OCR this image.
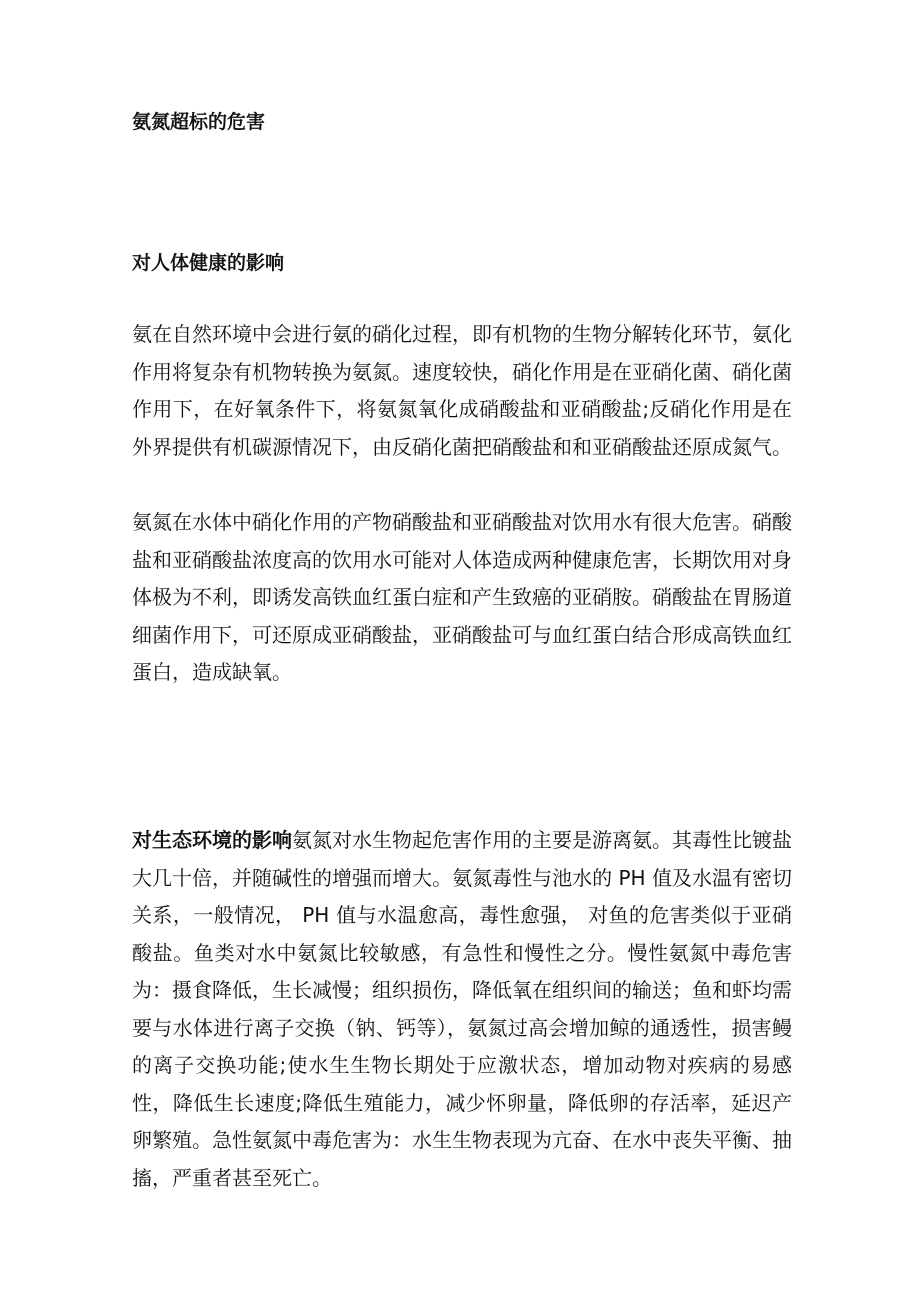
氨氮超标的危害
对人体健康的影响

氨在自然环境中会进行氨的硝化过程，即有机物的生物分解转化环节，氨化作用将复杂有机物转换为氨氮。速度较快，硝化作用是在亚硝化菌、硝化菌作用下，在好氧条件下，将氨氮氧化成硝酸盐和亚硝酸盐;反硝化作用是在外界提供有机碳源情况下，由反硝化菌把硝酸盐和和亚硝酸盐还原成氮气。

氨氮在水体中硝化作用的产物硝酸盐和亚硝酸盐对饮用水有很大危害。硝酸盐和亚硝酸盐浓度高的饮用水可能对人体造成两种健康危害，长期饮用对身体极为不利，即诱发高铁血红蛋白症和产生致癌的亚硝胺。硝酸盐在胃肠道细菌作用下，可还原成亚硝酸盐，亚硝酸盐可与血红蛋白结合形成高铁血红蛋白，造成缺氧。

对生态环境的影响氨氮对水生物起危害作用的主要是游离氨。其毒性比镀盐大几十倍，并随碱性的增强而增大。氨氮毒性与池水的 PH 值及水温有密切关系，一般情况， PH 值与水温愈高，毒性愈强， 对鱼的危害类似于亚硝酸盐。鱼类对水中氨氮比较敏感，有急性和慢性之分。慢性氨氮中毒危害为：摄食降低，生长减慢；组织损伤，降低氧在组织间的输送；鱼和虾均需要与水体进行离子交换（钠、钙等），氨氮过高会增加鲸的通透性，损害鳗的离子交换功能;使水生生物长期处于应激状态，增加动物对疾病的易感性，降低生长速度;降低生殖能力，减少怀卵量，降低卵的存活率，延迟产卵繁殖。急性氨氮中毒危害为：水生生物表现为亢奋、在水中丧失平衡、抽搐，严重者甚至死亡。
